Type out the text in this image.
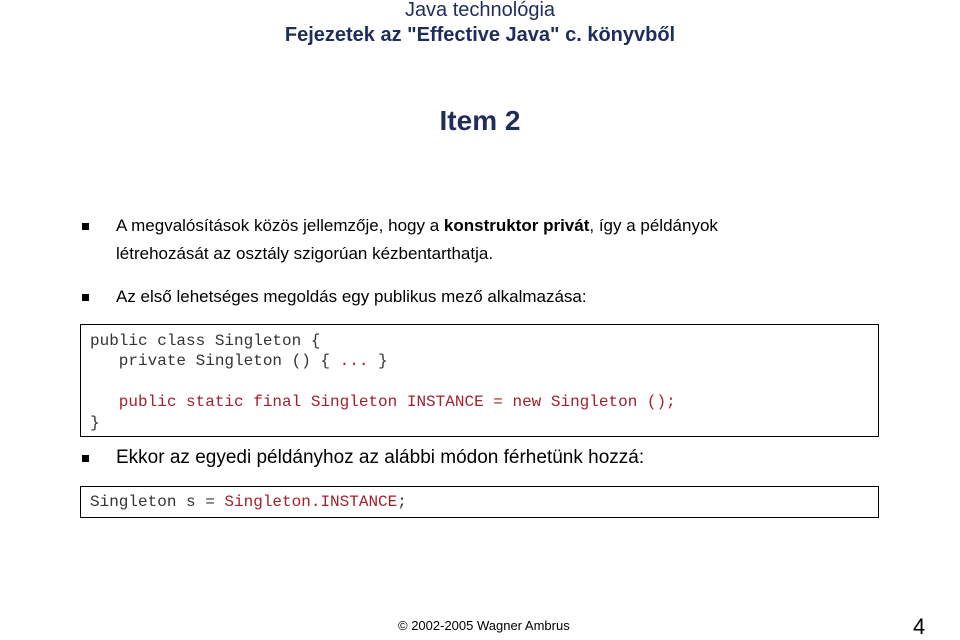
Java technológia
Fejezetek az "Effective Java" c. könyvből
Item 2
A megvalósítások közös jellemzője, hogy a konstruktor privát, így a példányok
létrehozását az osztály szigorúan kézbentarthatja.
Az első lehetséges megoldás egy publikus mező alkalmazása:
public class Singleton {
private Singleton () { ... }
public static final Singleton INSTANCE = new Singleton ();
}
Ekkor az egyedi példányhoz az alábbi módon férhetünk hozzá:
Singleton s = Singleton.INSTANCE;
© 2002-2005 Wagner Ambrus	4
